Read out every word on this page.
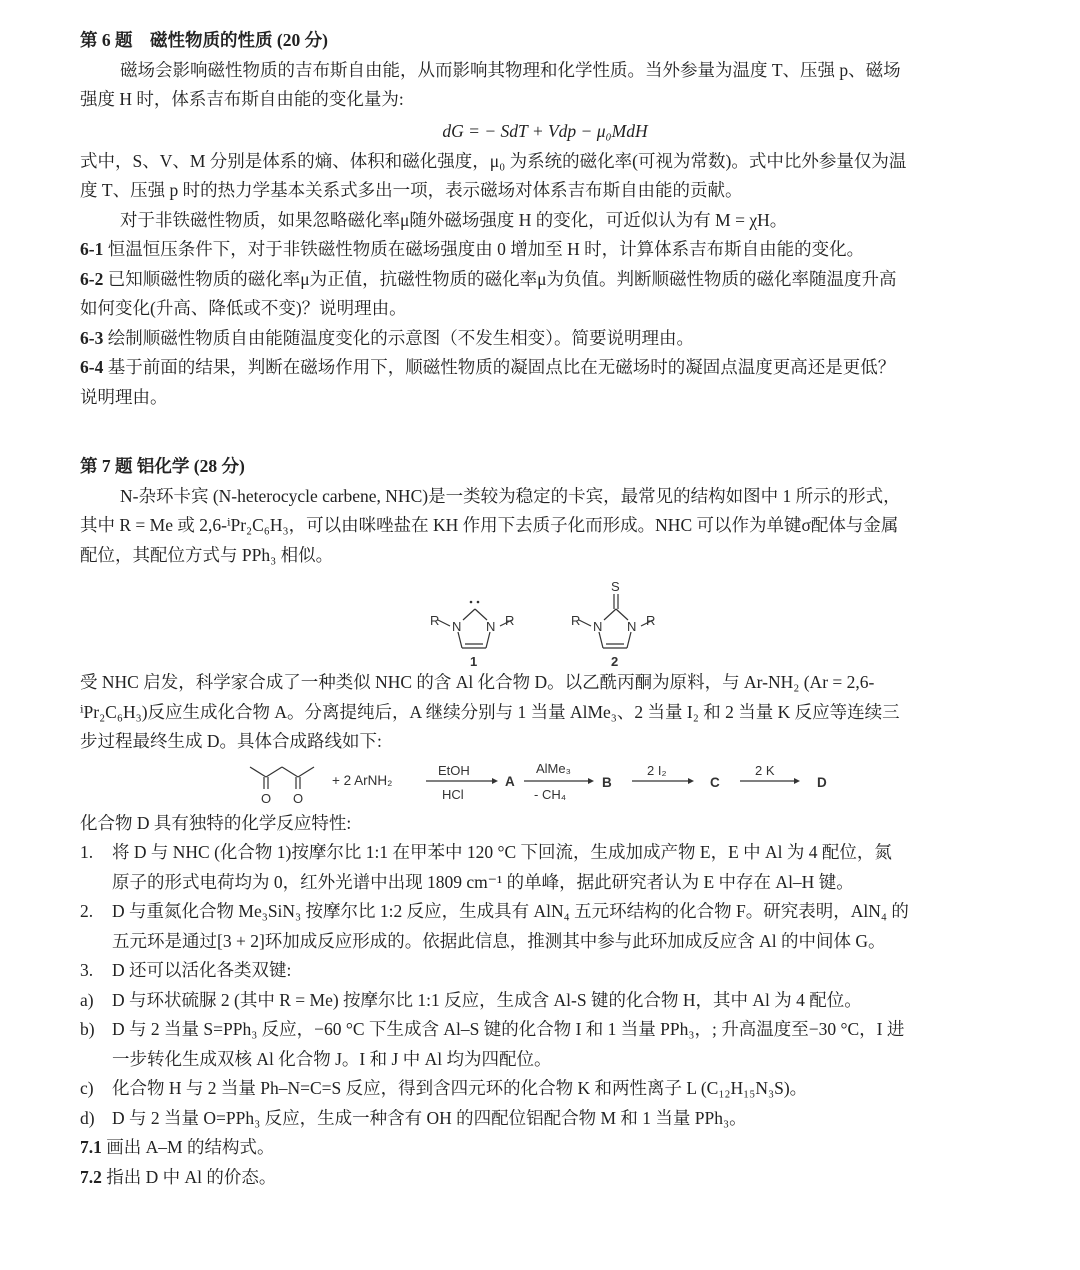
第 6 题　磁性物质的性质 (20 分)
磁场会影响磁性物质的吉布斯自由能，从而影响其物理和化学性质。当外参量为温度 T、压强 p、磁场
强度 H 时，体系吉布斯自由能的变化量为:
dG = − SdT + Vdp − μ₀MdH
式中，S、V、M 分别是体系的熵、体积和磁化强度，μ₀ 为系统的磁化率(可视为常数)。式中比外参量仅为温
度 T、压强 p 时的热力学基本关系式多出一项，表示磁场对体系吉布斯自由能的贡献。
对于非铁磁性物质，如果忽略磁化率μ随外磁场强度 H 的变化，可近似认为有 M = χH。
6-1 恒温恒压条件下，对于非铁磁性物质在磁场强度由 0 增加至 H 时，计算体系吉布斯自由能的变化。
6-2 已知顺磁性物质的磁化率μ为正值，抗磁性物质的磁化率μ为负值。判断顺磁性物质的磁化率随温度升高
如何变化(升高、降低或不变)？说明理由。
6-3 绘制顺磁性物质自由能随温度变化的示意图（不发生相变）。简要说明理由。
6-4 基于前面的结果，判断在磁场作用下，顺磁性物质的凝固点比在无磁场时的凝固点温度更高还是更低？
说明理由。
第 7 题 铝化学 (28 分)
N-杂环卡宾 (N-heterocycle carbene, NHC)是一类较为稳定的卡宾，最常见的结构如图中 1 所示的形式，
其中 R = Me 或 2,6-ⁱPr₂C₆H₃，可以由咪唑盐在 KH 作用下去质子化而形成。NHC 可以作为单键σ配体与金属
配位，其配位方式与 PPh₃ 相似。
R N N R
1
S
R N N R
2
受 NHC 启发，科学家合成了一种类似 NHC 的含 Al 化合物 D。以乙酰丙酮为原料，与 Ar-NH₂ (Ar = 2,6-
ⁱPr₂C₆H₃)反应生成化合物 A。分离提纯后，A 继续分别与 1 当量 AlMe₃、2 当量 I₂ 和 2 当量 K 反应等连续三
步过程最终生成 D。具体合成路线如下:
O O
+ 2 ArNH₂
EtOH
HCl
A
AlMe₃
- CH₄
B
2 I₂
C
2 K
D
化合物 D 具有独特的化学反应特性:
1. 将 D 与 NHC (化合物 1)按摩尔比 1:1 在甲苯中 120 °C 下回流，生成加成产物 E，E 中 Al 为 4 配位，氮
原子的形式电荷均为 0，红外光谱中出现 1809 cm⁻¹ 的单峰，据此研究者认为 E 中存在 Al–H 键。
2. D 与重氮化合物 Me₃SiN₃ 按摩尔比 1:2 反应，生成具有 AlN₄ 五元环结构的化合物 F。研究表明，AlN₄ 的
五元环是通过[3 + 2]环加成反应形成的。依据此信息，推测其中参与此环加成反应含 Al 的中间体 G。
3. D 还可以活化各类双键:
a) D 与环状硫脲 2 (其中 R = Me) 按摩尔比 1:1 反应，生成含 Al-S 键的化合物 H，其中 Al 为 4 配位。
b) D 与 2 当量 S=PPh₃ 反应，−60 °C 下生成含 Al–S 键的化合物 I 和 1 当量 PPh₃，; 升高温度至−30 °C，I 进
一步转化生成双核 Al 化合物 J。I 和 J 中 Al 均为四配位。
c) 化合物 H 与 2 当量 Ph–N=C=S 反应，得到含四元环的化合物 K 和两性离子 L (C₁₂H₁₅N₃S)。
d) D 与 2 当量 O=PPh₃ 反应，生成一种含有 OH 的四配位铝配合物 M 和 1 当量 PPh₃。
7.1 画出 A–M 的结构式。
7.2 指出 D 中 Al 的价态。
